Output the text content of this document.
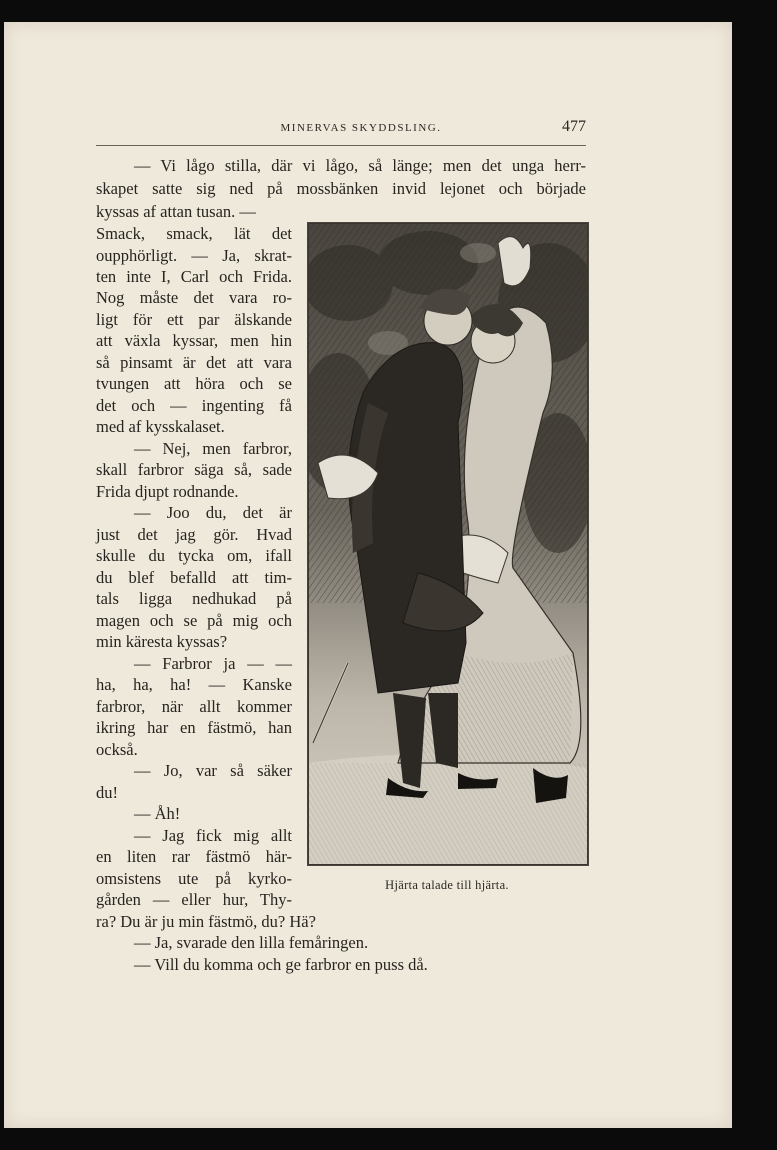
MINERVAS SKYDDSLING.	477
— Vi lågo stilla, där vi lågo, så länge; men det unga herr-
skapet satte sig ned på mossbänken invid lejonet och började
kyssas af attan tusan. —
Smack, smack, lät det
oupphörligt. — Ja, skrat-
ten inte I, Carl och Frida.
Nog måste det vara ro-
ligt för ett par älskande
att växla kyssar, men hin
så pinsamt är det att vara
tvungen att höra och se
det och — ingenting få
med af kysskalaset.
— Nej, men farbror,
skall farbror säga så, sade
Frida djupt rodnande.
— Joo du, det är
just det jag gör. Hvad
skulle du tycka om, ifall
du blef befalld att tim-
tals ligga nedhukad på
magen och se på mig och
min käresta kyssas?
— Farbror ja — —
ha, ha, ha! — Kanske
farbror, när allt kommer
ikring har en fästmö, han
också.
— Jo, var så säker
du!
— Åh!
— Jag fick mig allt
en liten rar fästmö här-
omsistens ute på kyrko-
gården — eller hur, Thy-
ra? Du är ju min fästmö, du? Hä?
— Ja, svarade den lilla femåringen.
— Vill du komma och ge farbror en puss då.
Hjärta talade till hjärta.
